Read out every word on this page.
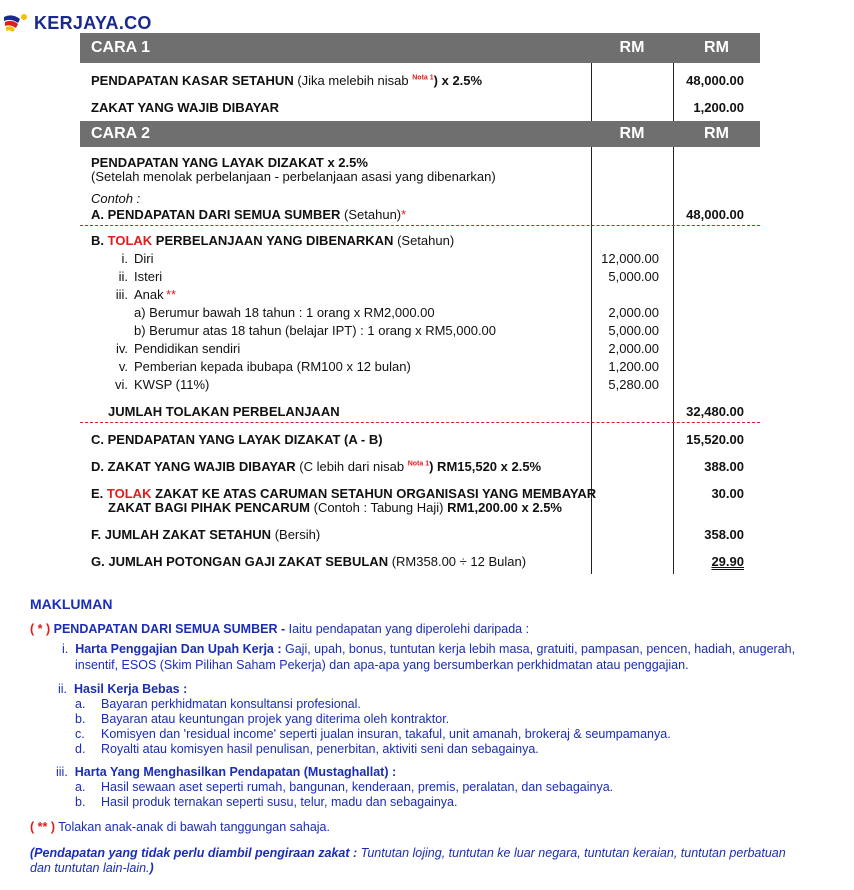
KERJAYA.CO
CARA 1	RM	RM
PENDAPATAN KASAR SETAHUN (Jika melebih nisab $^{Nota 1}$) x 2.5%	48,000.00
ZAKAT YANG WAJIB DIBAYAR	1,200.00
CARA 2	RM	RM
PENDAPATAN YANG LAYAK DIZAKAT x 2.5%
(Setelah menolak perbelanjaan - perbelanjaan asasi yang dibenarkan)
Contoh :
A. PENDAPATAN DARI SEMUA SUMBER (Setahun)*	48,000.00
B. TOLAK PERBELANJAAN YANG DIBENARKAN (Setahun)
i. Diri	12,000.00
ii. Isteri	5,000.00
iii. Anak **
a) Berumur bawah 18 tahun : 1 orang x RM2,000.00	2,000.00
b) Berumur atas 18 tahun (belajar IPT) : 1 orang x RM5,000.00	5,000.00
iv. Pendidikan sendiri	2,000.00
v. Pemberian kepada ibubapa (RM100 x 12 bulan)	1,200.00
vi. KWSP (11%)	5,280.00
JUMLAH TOLAKAN PERBELANJAAN	32,480.00
C. PENDAPATAN YANG LAYAK DIZAKAT (A - B)	15,520.00
D. ZAKAT YANG WAJIB DIBAYAR (C lebih dari nisab $^{Nota 1}$) RM15,520 x 2.5%	388.00
E. TOLAK ZAKAT KE ATAS CARUMAN SETAHUN ORGANISASI YANG MEMBAYAR	30.00
ZAKAT BAGI PIHAK PENCARUM (Contoh : Tabung Haji) RM1,200.00 x 2.5%
F. JUMLAH ZAKAT SETAHUN (Bersih)	358.00
G. JUMLAH POTONGAN GAJI ZAKAT SEBULAN (RM358.00 ÷ 12 Bulan)	29.90
MAKLUMAN
( * ) PENDAPATAN DARI SEMUA SUMBER - Iaitu pendapatan yang diperolehi daripada :
i. Harta Penggajian Dan Upah Kerja : Gaji, upah, bonus, tuntutan kerja lebih masa, gratuiti, pampasan, pencen, hadiah, anugerah,
insentif, ESOS (Skim Pilihan Saham Pekerja) dan apa-apa yang bersumberkan perkhidmatan atau penggajian.
ii. Hasil Kerja Bebas :
a. Bayaran perkhidmatan konsultansi profesional.
b. Bayaran atau keuntungan projek yang diterima oleh kontraktor.
c. Komisyen dan 'residual income' seperti jualan insuran, takaful, unit amanah, brokeraj & seumpamanya.
d. Royalti atau komisyen hasil penulisan, penerbitan, aktiviti seni dan sebagainya.
iii. Harta Yang Menghasilkan Pendapatan (Mustaghallat) :
a. Hasil sewaan aset seperti rumah, bangunan, kenderaan, premis, peralatan, dan sebagainya.
b. Hasil produk ternakan seperti susu, telur, madu dan sebagainya.
( ** ) Tolakan anak-anak di bawah tanggungan sahaja.
(Pendapatan yang tidak perlu diambil pengiraan zakat : Tuntutan lojing, tuntutan ke luar negara, tuntutan keraian, tuntutan perbatuan
dan tuntutan lain-lain.)
